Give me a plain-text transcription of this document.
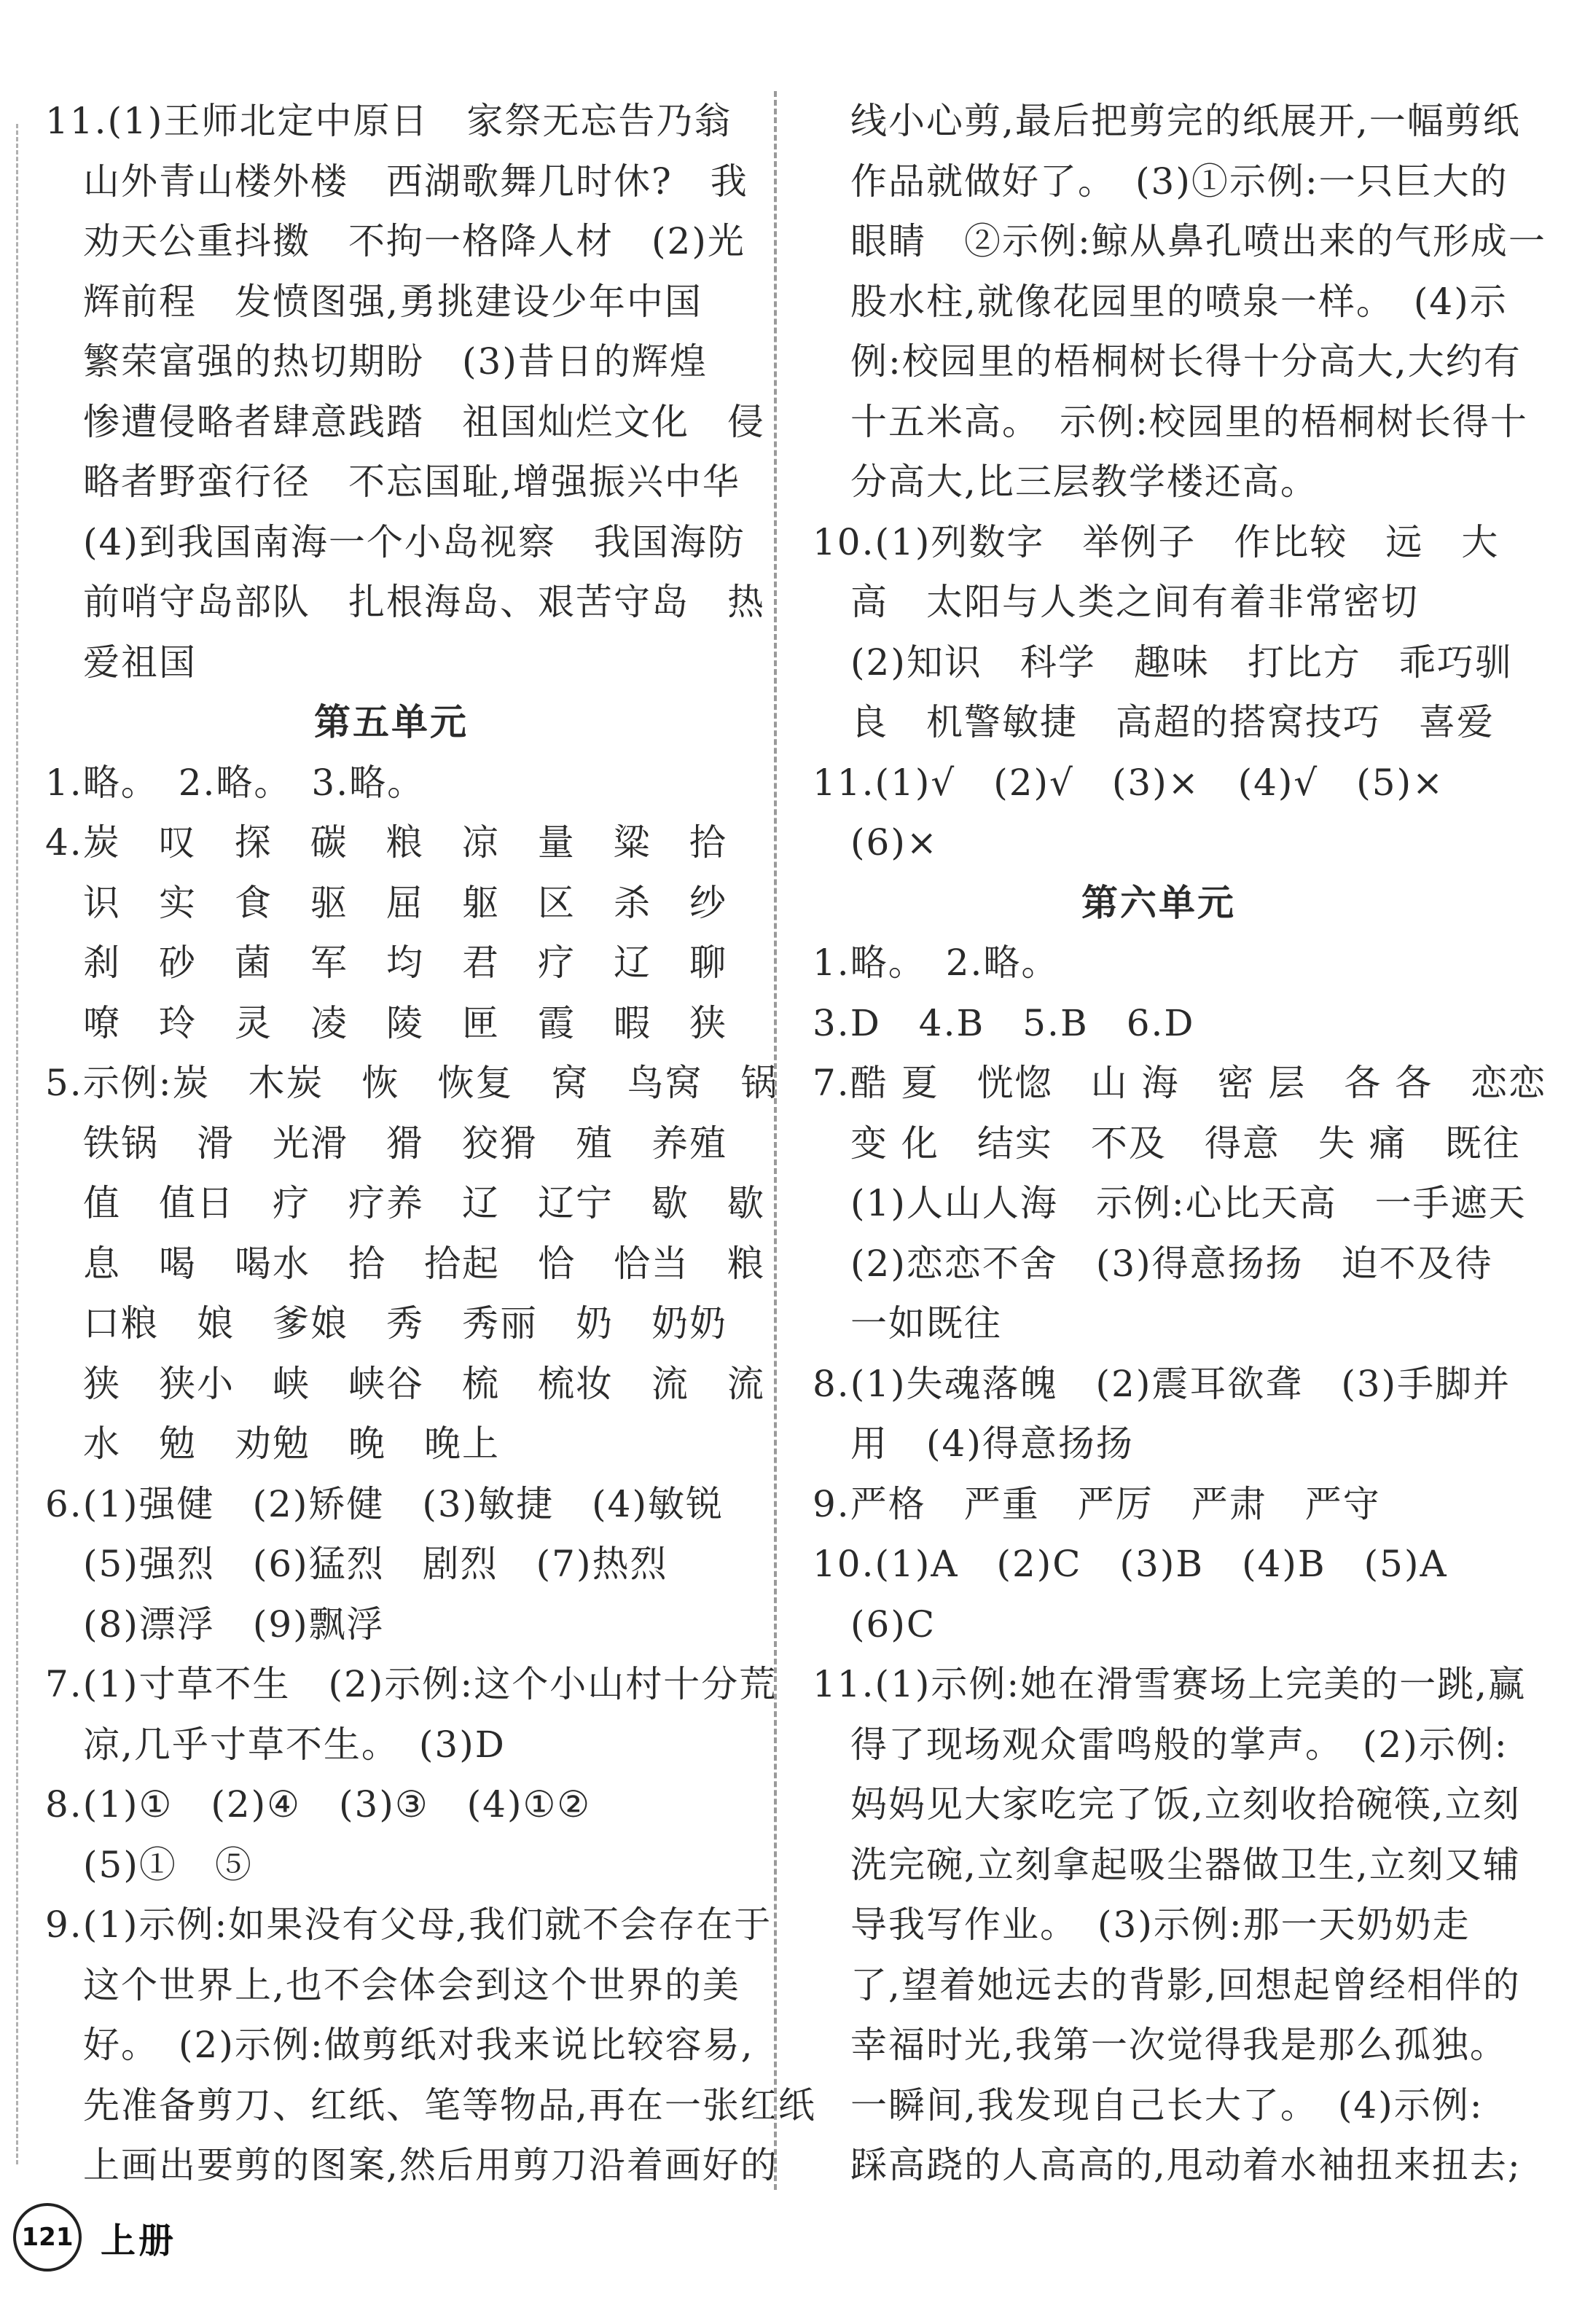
11.(1)王师北定中原日　家祭无忘告乃翁
　山外青山楼外楼　西湖歌舞几时休?　我
　劝天公重抖擞　不拘一格降人材　(2)光
　辉前程　发愤图强,勇挑建设少年中国
　繁荣富强的热切期盼　(3)昔日的辉煌
　惨遭侵略者肆意践踏　祖国灿烂文化　侵
　略者野蛮行径　不忘国耻,增强振兴中华
　(4)到我国南海一个小岛视察　我国海防
　前哨守岛部队　扎根海岛、艰苦守岛　热
　爱祖国
第五单元
1.略。　2.略。　3.略。
4.炭　叹　探　碳　粮　凉　量　粱　拾
　识　实　食　驱　屈　躯　区　杀　纱
　刹　砂　菌　军　均　君　疗　辽　聊
　嘹　玲　灵　凌　陵　匣　霞　暇　狭
5.示例:炭　木炭　恢　恢复　窝　鸟窝　锅
　铁锅　滑　光滑　猾　狡猾　殖　养殖
　值　值日　疗　疗养　辽　辽宁　歇　歇
　息　喝　喝水　拾　拾起　恰　恰当　粮
　口粮　娘　爹娘　秀　秀丽　奶　奶奶
　狭　狭小　峡　峡谷　梳　梳妆　流　流
　水　勉　劝勉　晚　晚上
6.(1)强健　(2)矫健　(3)敏捷　(4)敏锐
　(5)强烈　(6)猛烈　剧烈　(7)热烈
　(8)漂浮　(9)飘浮
7.(1)寸草不生　(2)示例:这个小山村十分荒
　凉,几乎寸草不生。　(3)D
8.(1)①　(2)④　(3)③　(4)①②
　(5)①　⑤
9.(1)示例:如果没有父母,我们就不会存在于
　这个世界上,也不会体会到这个世界的美
　好。　(2)示例:做剪纸对我来说比较容易,
　先准备剪刀、红纸、笔等物品,再在一张红纸
　上画出要剪的图案,然后用剪刀沿着画好的
　线小心剪,最后把剪完的纸展开,一幅剪纸
　作品就做好了。　(3)①示例:一只巨大的
　眼睛　②示例:鲸从鼻孔喷出来的气形成一
　股水柱,就像花园里的喷泉一样。　(4)示
　例:校园里的梧桐树长得十分高大,大约有
　十五米高。　示例:校园里的梧桐树长得十
　分高大,比三层教学楼还高。
10.(1)列数字　举例子　作比较　远　大
　高　太阳与人类之间有着非常密切
　(2)知识　科学　趣味　打比方　乖巧驯
　良　机警敏捷　高超的搭窝技巧　喜爱
11.(1)√　(2)√　(3)×　(4)√　(5)×
　(6)×
第六单元
1.略。　2.略。
3.D　4.B　5.B　6.D
7.酷 夏　恍惚　山 海　密 层　各 各　恋恋
　变 化　结实　不及　得意　失 痛　既往
　(1)人山人海　示例:心比天高　一手遮天
　(2)恋恋不舍　(3)得意扬扬　迫不及待
　一如既往
8.(1)失魂落魄　(2)震耳欲聋　(3)手脚并
　用　(4)得意扬扬
9.严格　严重　严厉　严肃　严守
10.(1)A　(2)C　(3)B　(4)B　(5)A
　(6)C
11.(1)示例:她在滑雪赛场上完美的一跳,赢
　得了现场观众雷鸣般的掌声。　(2)示例:
　妈妈见大家吃完了饭,立刻收拾碗筷,立刻
　洗完碗,立刻拿起吸尘器做卫生,立刻又辅
　导我写作业。　(3)示例:那一天奶奶走
　了,望着她远去的背影,回想起曾经相伴的
　幸福时光,我第一次觉得我是那么孤独。
　一瞬间,我发现自己长大了。　(4)示例:
　踩高跷的人高高的,甩动着水袖扭来扭去;
121 上册
